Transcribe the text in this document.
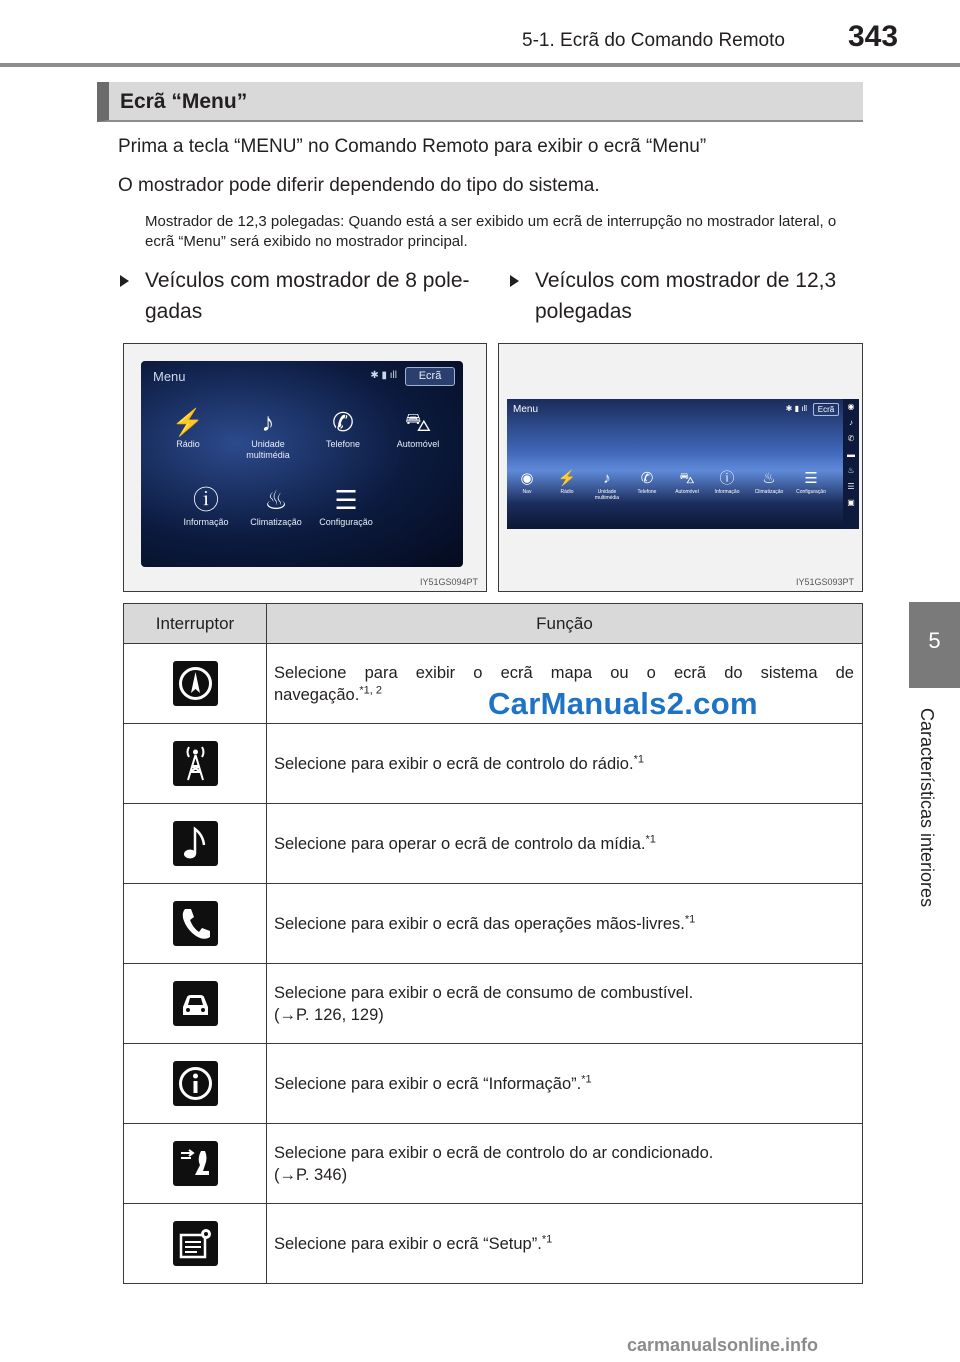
5-1. Ecrã do Comando Remoto 343
5
Características interiores
Ecrã “Menu”
Prima a tecla “MENU” no Comando Remoto para exibir o ecrã “Menu”
O mostrador pode diferir dependendo do tipo do sistema.
Mostrador de 12,3 polegadas: Quando está a ser exibido um ecrã de interrupção no mostrador lateral, o ecrã “Menu” será exibido no mostrador principal.
Veículos com mostrador de 8 pole-
gadas
Veículos com mostrador de 12,3
polegadas
Menu	✱ ▮ ıll	Ecrã
⚡
Rádio
♪
Unidade multimédia
✆
Telefone
⛍
Automóvel
ⓘ
Informação
♨
Climatização
☰
Configuração
IY51GS094PT
Menu	✱ ▮ ıll	Ecrã	◉
♪
✆
▬
♨
☰
▣
◉
Nav
⚡
Rádio
♪
Unidade multimédia
✆
Telefone
⛍
Automóvel
ⓘ
Informação
♨
Climatização
☰
Configuração
IY51GS093PT
Interruptor	Função

Selecione para exibir o ecrã mapa ou o ecrã do sistema de
navegação.$^{*1, 2}$

	Selecione para exibir o ecrã de controlo do rádio.$^{*1}$

	Selecione para operar o ecrã de controlo da mídia.$^{*1}$

	Selecione para exibir o ecrã das operações mãos-livres.$^{*1}$

Selecione para exibir o ecrã de consumo de combustível.
(→P. 126, 129)

	Selecione para exibir o ecrã “Informação”.$^{*1}$

Selecione para exibir o ecrã de controlo do ar condicionado.
(→P. 346)

	Selecione para exibir o ecrã “Setup”.$^{*1}$
CarManuals2.com
carmanualsonline.info
